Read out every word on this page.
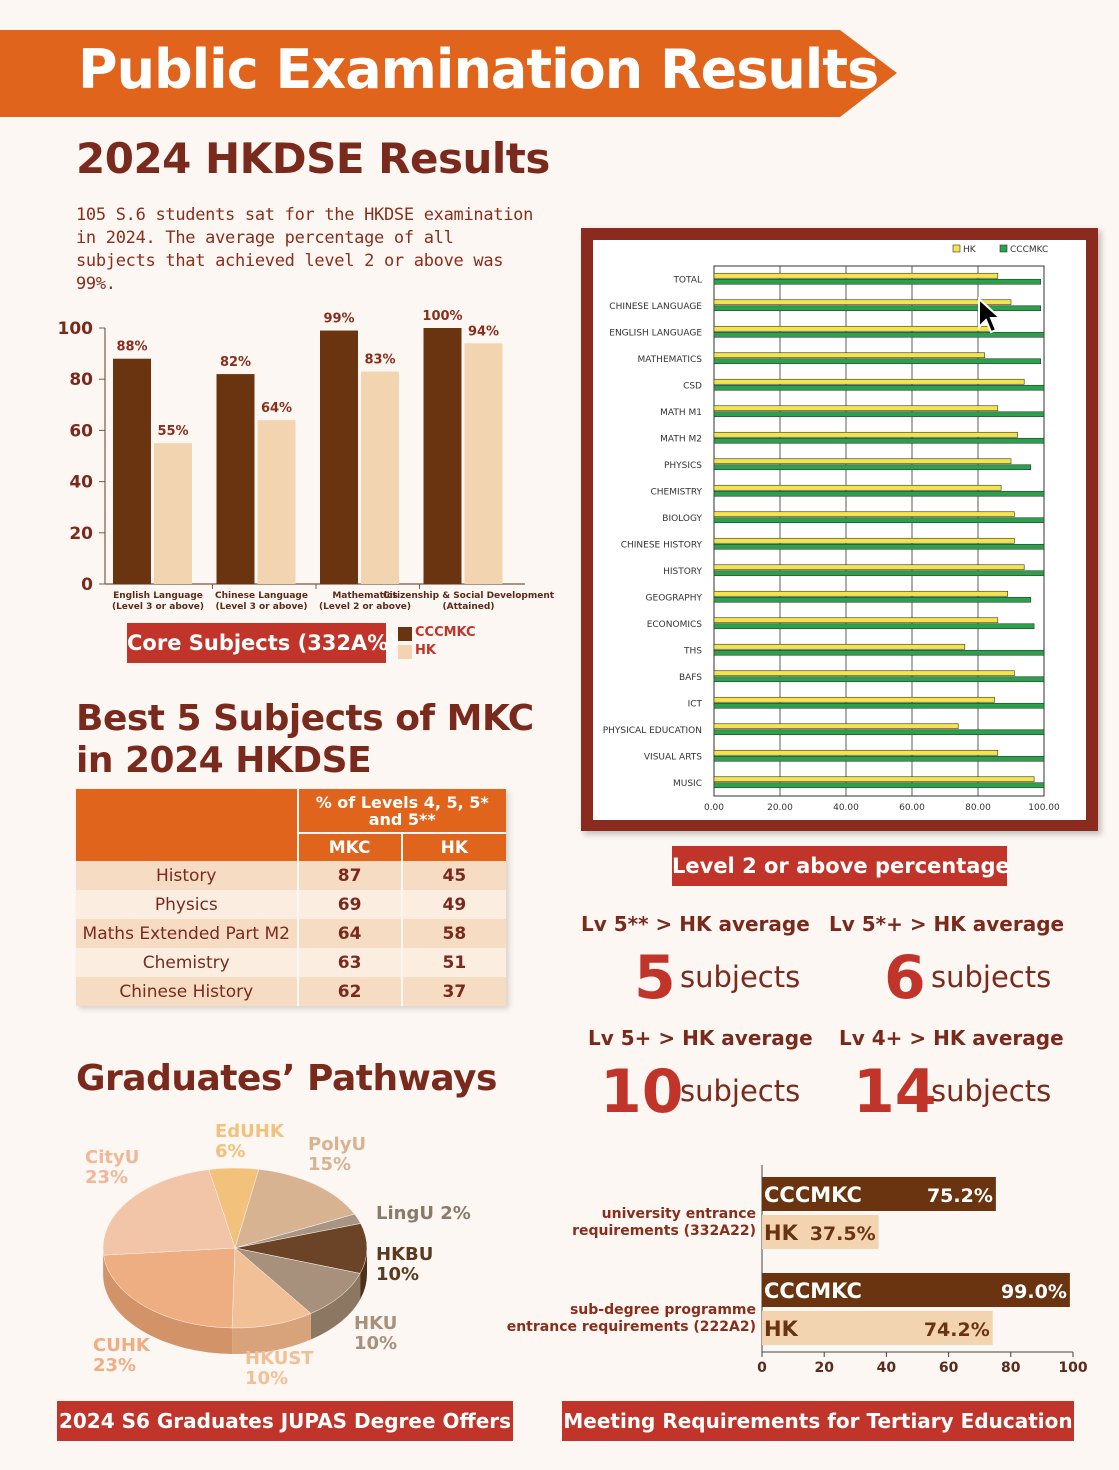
Public Examination Results
2024 HKDSE Results
105 S.6 students sat for the HKDSE examination in 2024. The average percentage of all subjects that achieved level 2 or above was 99%.
0
20
40
60
80
100
English Language (Level 3 or above)
88%
55%
Chinese Language (Level 3 or above)
82%
64%
Mathematics (Level 2 or above)
99%
83%
Citizenship & Social Development (Attained)
100%
94%
Core Subjects (332A%) CCCMKC
HK
0.00	20.00	40.00	60.00	80.00	100.00
TOTAL
CHINESE LANGUAGE
ENGLISH LANGUAGE
MATHEMATICS
CSD
MATH M1
MATH M2
PHYSICS
CHEMISTRY
BIOLOGY
CHINESE HISTORY
HISTORY
GEOGRAPHY
ECONOMICS
THS
BAFS
ICT
PHYSICAL EDUCATION
VISUAL ARTS
MUSIC
HK	CCCMKC
Level 2 or above percentage
Lv 5** > HK average
5 subjects
Lv 5*+ > HK average
6 subjects
Lv 5+ > HK average
10
subjects
Lv 4+ > HK average
14
subjects
Best 5 Subjects of MKC
in 2024 HKDSE
	% of Levels 4, 5, 5* and 5**	
	MKC	HK
History	87	45
Physics	69	49
Maths Extended Part M2	64	58
Chemistry	63	51
Chinese History	62	37
Graduates’ Pathways
EdUHK
6%	PolyU
15%
LingU 2%
HKBU
10%
HKU
10%
HKUST
10%
CUHK
23%
CityU
23%
2024 S6 Graduates JUPAS Degree Offers
0	20	40	60	80	100
university entrance
requirements (332A22)
CCCMKC	75.2%
HK 37.5%
sub-degree programme
entrance requirements (222A2)
CCCMKC	99.0%
HK	74.2%
Meeting Requirements for Tertiary Education
